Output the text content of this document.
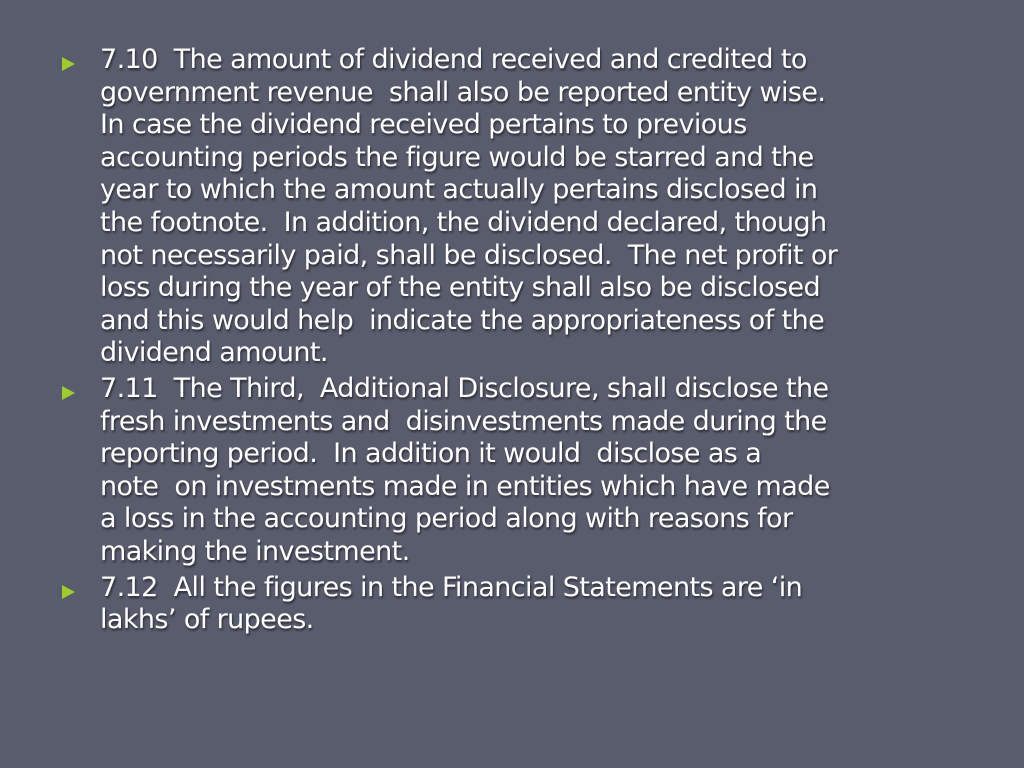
7.10  The amount of dividend received and credited to
government revenue  shall also be reported entity wise.
In case the dividend received pertains to previous
accounting periods the figure would be starred and the
year to which the amount actually pertains disclosed in
the footnote.  In addition, the dividend declared, though
not necessarily paid, shall be disclosed.  The net profit or
loss during the year of the entity shall also be disclosed
and this would help  indicate the appropriateness of the
dividend amount.
7.11  The Third,  Additional Disclosure, shall disclose the
fresh investments and  disinvestments made during the
reporting period.  In addition it would  disclose as a
note  on investments made in entities which have made
a loss in the accounting period along with reasons for
making the investment.
7.12  All the figures in the Financial Statements are ‘in
lakhs’ of rupees.
